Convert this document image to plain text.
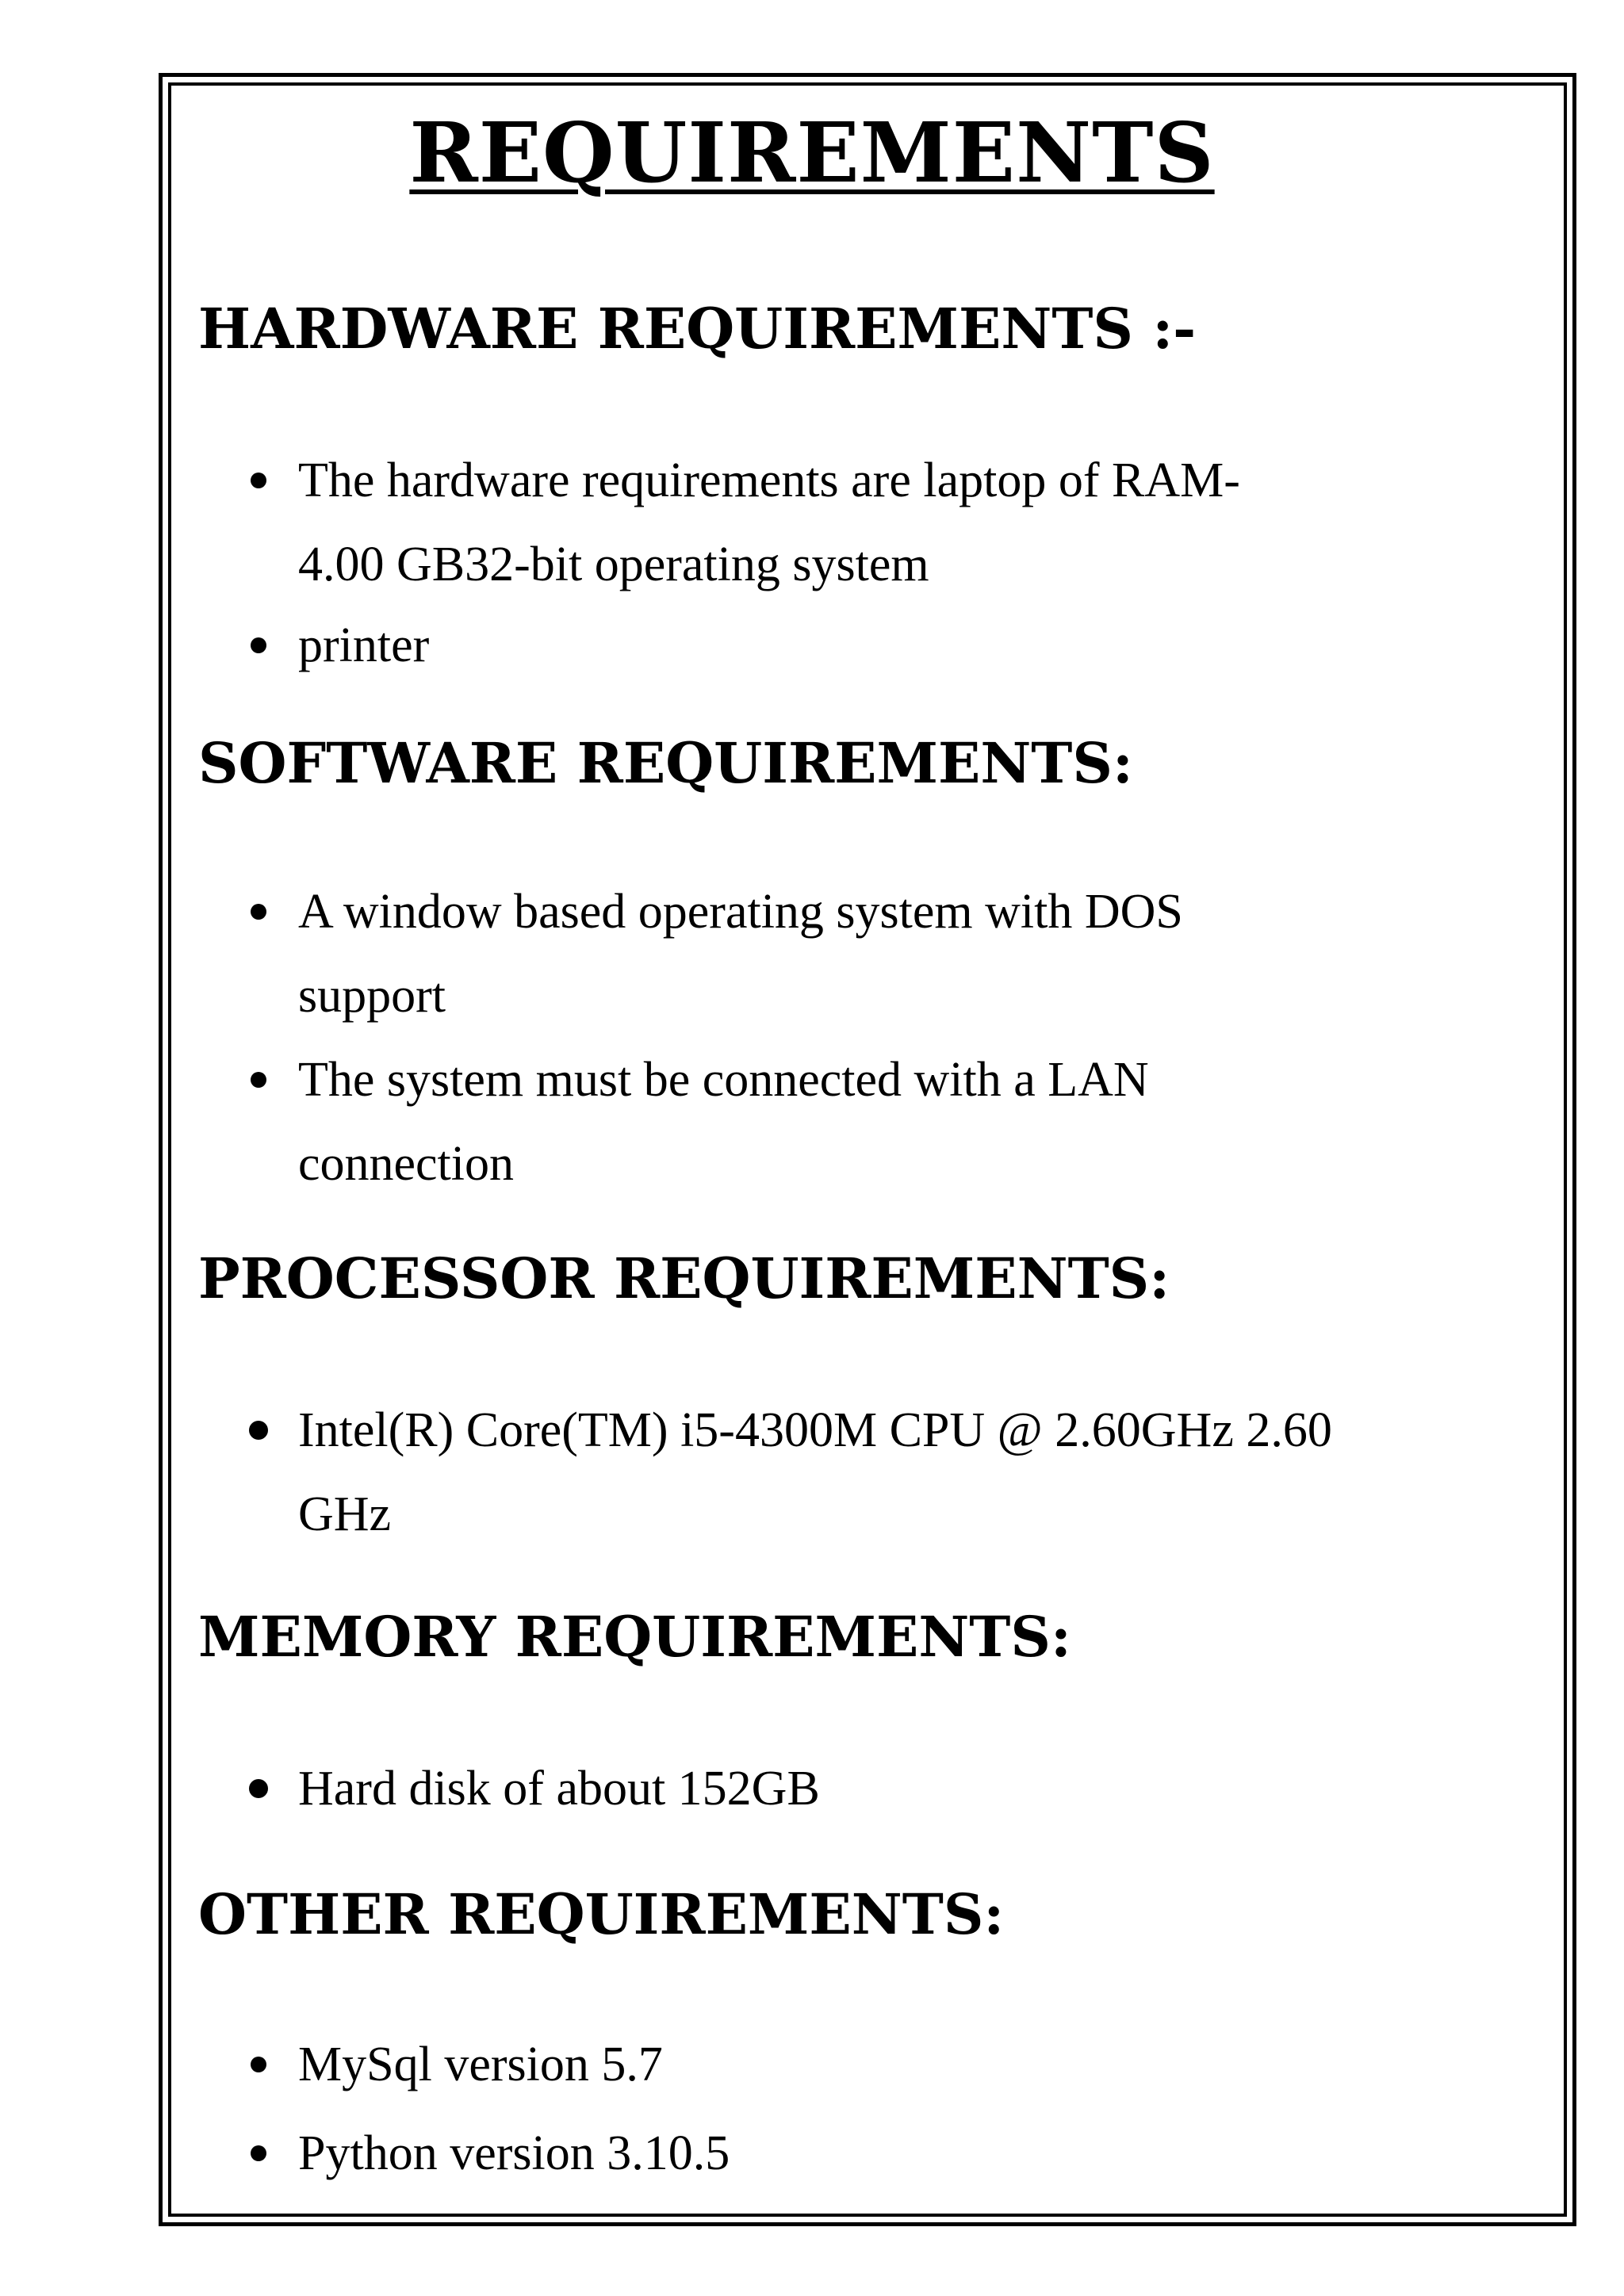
REQUIREMENTS
HARDWARE REQUIREMENTS :-

The hardware requirements are laptop of RAM-

4.00 GB32-bit operating system

printer

SOFTWARE REQUIREMENTS:

A window based operating system with DOS

support

The system must be connected with a LAN

connection

PROCESSOR REQUIREMENTS:

Intel(R) Core(TM) i5-4300M CPU @ 2.60GHz 2.60

GHz

MEMORY REQUIREMENTS:

Hard disk of about 152GB

OTHER REQUIREMENTS:

MySql version 5.7

Python version 3.10.5
